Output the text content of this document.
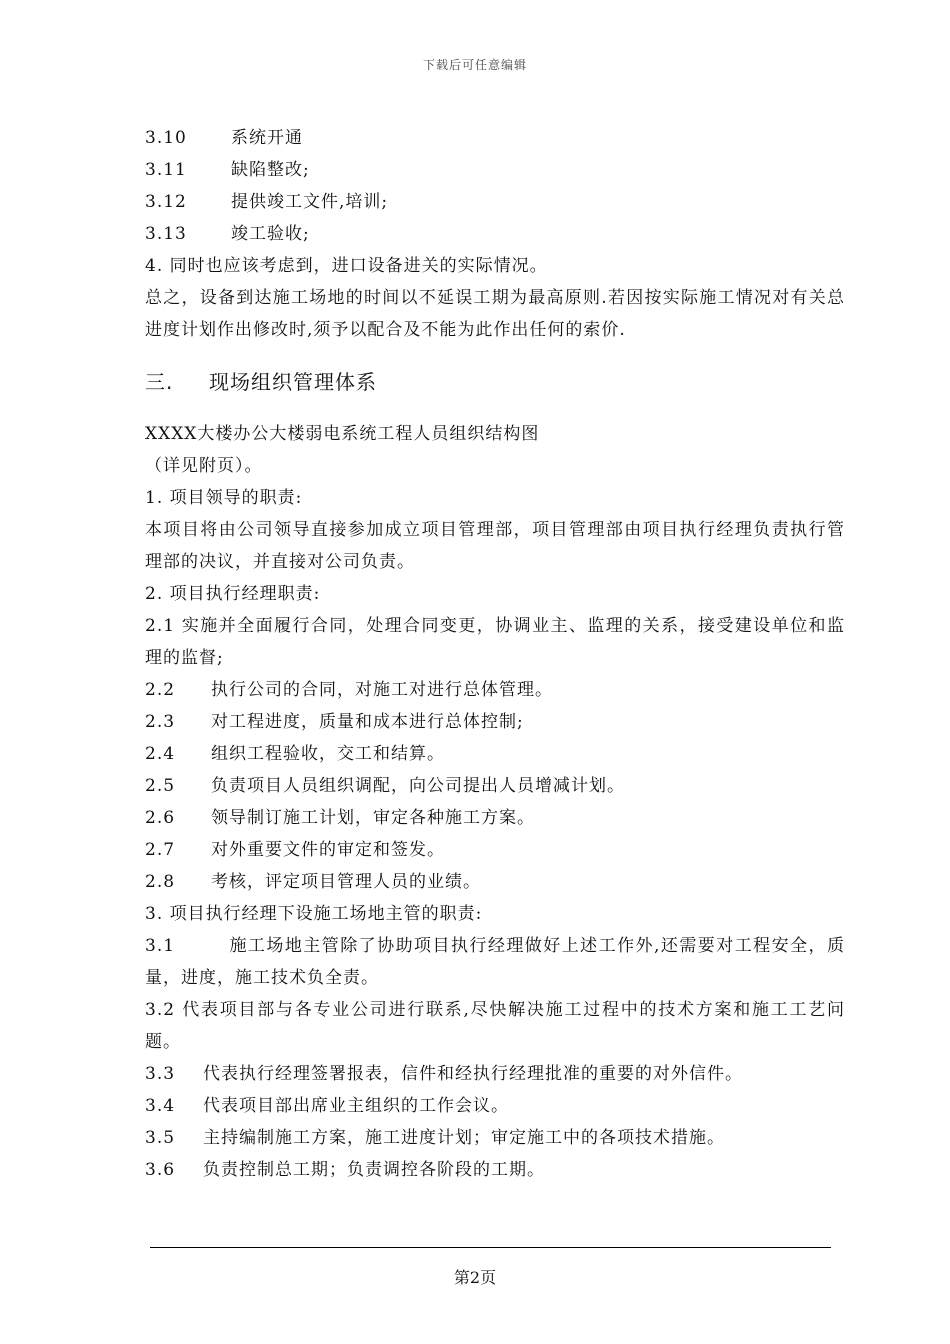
下载后可任意编辑
3.10	系统开通
3.11	缺陷整改;
3.12	提供竣工文件,培训;
3.13	竣工验收;
4. 同时也应该考虑到，进口设备进关的实际情况。
总之，设备到达施工场地的时间以不延误工期为最高原则.若因按实际施工情况对有关总进度计划作出修改时,须予以配合及不能为此作出任何的索价.
三. 现场组织管理体系
XXXX大楼办公大楼弱电系统工程人员组织结构图
（详见附页）。
1. 项目领导的职责:
本项目将由公司领导直接参加成立项目管理部，项目管理部由项目执行经理负责执行管理部的决议，并直接对公司负责。
2. 项目执行经理职责:
2.1 实施并全面履行合同，处理合同变更，协调业主、监理的关系，接受建设单位和监理的监督;
2.2 执行公司的合同，对施工对进行总体管理。
2.3 对工程进度，质量和成本进行总体控制;
2.4 组织工程验收，交工和结算。
2.5 负责项目人员组织调配，向公司提出人员增减计划。
2.6 领导制订施工计划，审定各种施工方案。
2.7 对外重要文件的审定和签发。
2.8 考核，评定项目管理人员的业绩。
3. 项目执行经理下设施工场地主管的职责:
3.1	施工场地主管除了协助项目执行经理做好上述工作外,还需要对工程安全，质量，进度，施工技术负全责。
3.2 代表项目部与各专业公司进行联系,尽快解决施工过程中的技术方案和施工工艺问题。
3.3 代表执行经理签署报表，信件和经执行经理批准的重要的对外信件。
3.4 代表项目部出席业主组织的工作会议。
3.5 主持编制施工方案，施工进度计划；审定施工中的各项技术措施。
3.6 负责控制总工期；负责调控各阶段的工期。
第2页
